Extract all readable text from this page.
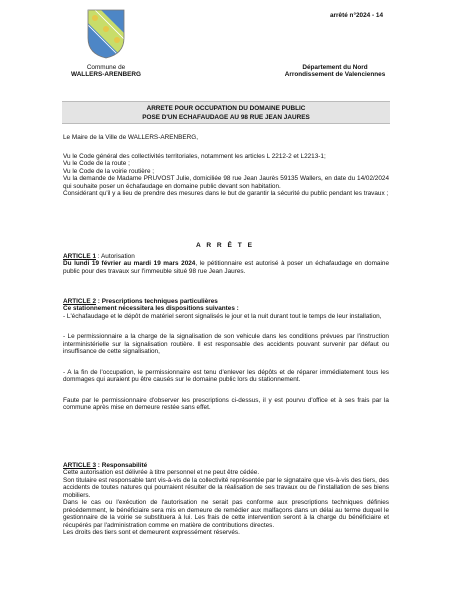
arrêté n°2024 - 14
Commune de
WALLERS-ARENBERG
Département du Nord
Arrondissement de Valenciennes
ARRETE POUR OCCUPATION DU DOMAINE PUBLIC
POSE D'UN ECHAFAUDAGE AU 98 RUE JEAN JAURES

Le Maire de la Ville de WALLERS-ARENBERG,

Vu le Code général des collectivités territoriales, notamment les articles L 2212-2 et L2213-1;

Vu le Code de la route ;

Vu le Code de la voirie routière ;

Vu la demande de Madame PRUVOST Julie, domiciliée 98 rue Jean Jaurès 59135 Wallers, en date du 14/02/2024 qui souhaite poser un échafaudage en domaine public devant son habitation.

Considérant qu'il y a lieu de prendre des mesures dans le but de garantir la sécurité du public pendant les travaux ;

A R R Ê T E

ARTICLE 1 : Autorisation

Du lundi 19 février au mardi 19 mars 2024, le pétitionnaire est autorisé à poser un échafaudage en domaine public pour des travaux sur l'immeuble situé 98 rue Jean Jaures.

ARTICLE 2 : Prescriptions techniques particulières

Ce stationnement nécessitera les dispositions suivantes :

- L'échafaudage et le dépôt de matériel seront signalisés le jour et la nuit durant tout le temps de leur installation,

- Le permissionnaire a la charge de la signalisation de son vehicule dans les conditions prévues par l'instruction interministérielle sur la signalisation routière. Il est responsable des accidents pouvant survenir par défaut ou insuffisance de cette signalisation,

- A la fin de l'occupation, le permissionnaire est tenu d'enlever les dépôts et de réparer immédiatement tous les dommages qui auraient pu être causés sur le domaine public lors du stationnement.

Faute par le permissionnaire d'observer les prescriptions ci-dessus, il y est pourvu d'office et à ses frais par la commune après mise en demeure restée sans effet.

ARTICLE 3 : Responsabilité

Cette autorisation est délivrée à titre personnel et ne peut être cédée.

Son titulaire est responsable tant vis-à-vis de la collectivité représentée par le signataire que vis-à-vis des tiers, des accidents de toutes natures qui pourraient résulter de la réalisation de ses travaux ou de l'installation de ses biens mobiliers.

Dans le cas ou l'exécution de l'autorisation ne serait pas conforme aux prescriptions techniques définies précédemment, le bénéficiaire sera mis en demeure de remédier aux malfaçons dans un délai au terme duquel le gestionnaire de la voirie se substituera à lui. Les frais de cette intervention seront à la charge du bénéficiaire et récupérés par l'administration comme en matière de contributions directes.

Les droits des tiers sont et demeurent expressément réservés.
